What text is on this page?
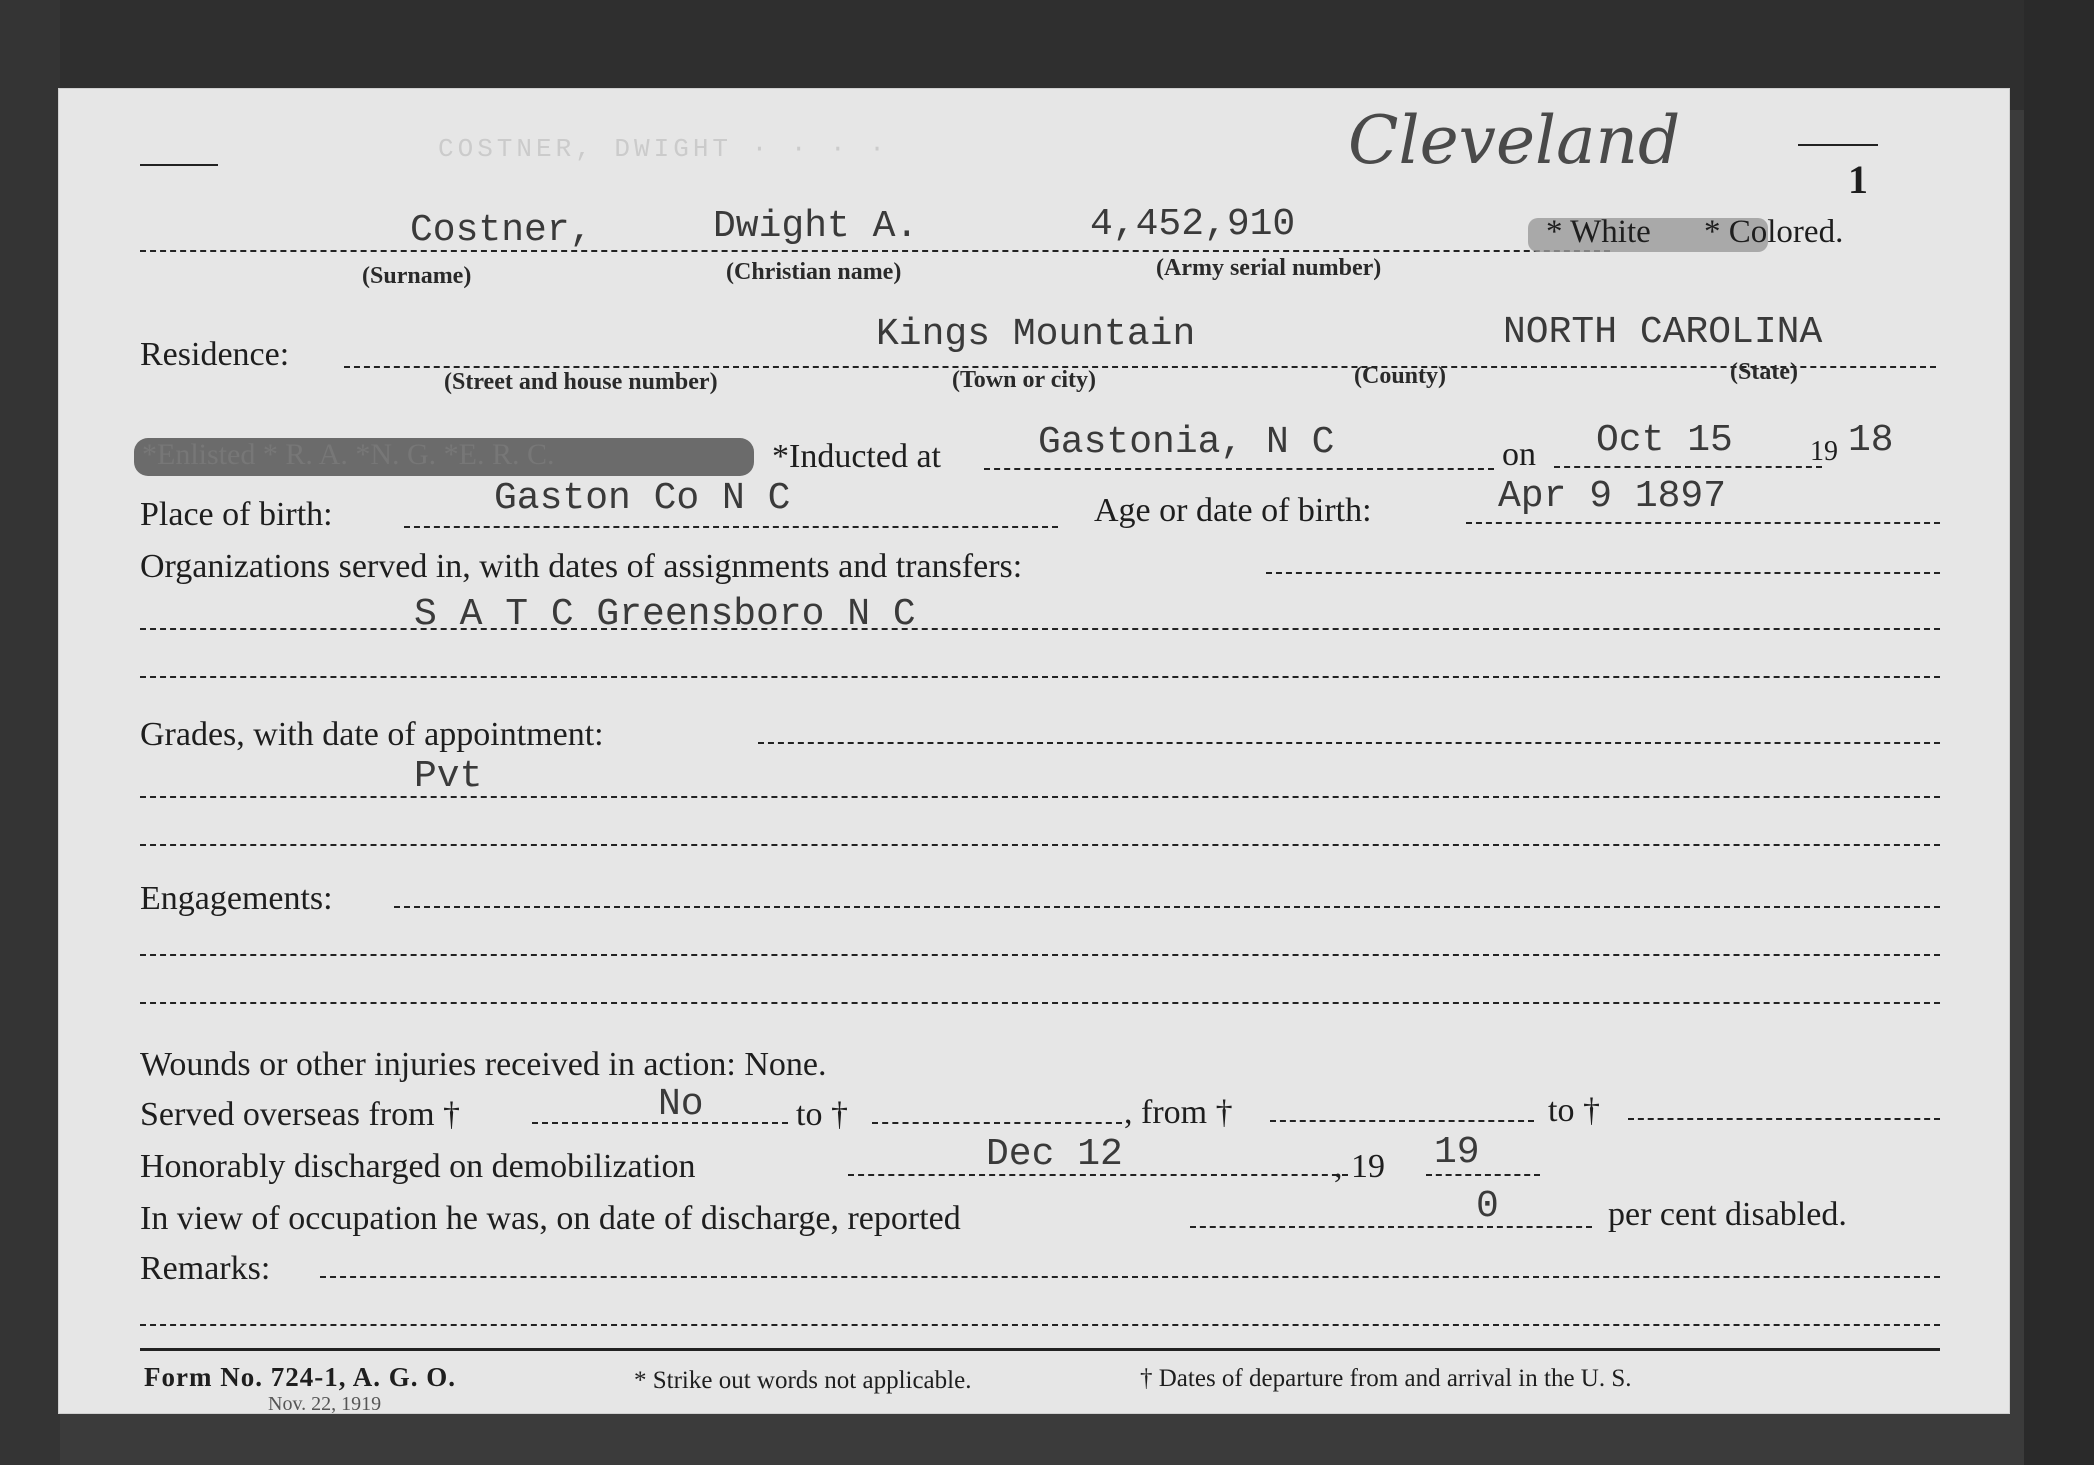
COSTNER, DWIGHT · · · ·	Cleveland
1
Costner,	Dwight A.	4,452,910	* White * Colored.
(Surname)	(Christian name)	(Army serial number)
Residence:	Kings Mountain	NORTH CAROLINA
(Street and house number)	(Town or city)	(County)	(State)
*Enlisted * R. A. *N. G. *E. R. C.	*Inducted at	Gastonia, N C	on Oct 15	19 18
Place of birth:	Gaston Co N C	Age or date of birth:	Apr 9 1897
Organizations served in, with dates of assignments and transfers:
S A T C Greensboro N C
Grades, with date of appointment:
Pvt
Engagements:
Wounds or other injuries received in action: None.
Served overseas from †	No	to †	, from †	to †
Honorably discharged on demobilization	Dec 12	, 19 19
In view of occupation he was, on date of discharge, reported	0	per cent disabled.
Remarks:
Form No. 724-1, A. G. O.	* Strike out words not applicable.	† Dates of departure from and arrival in the U. S.
Nov. 22, 1919
